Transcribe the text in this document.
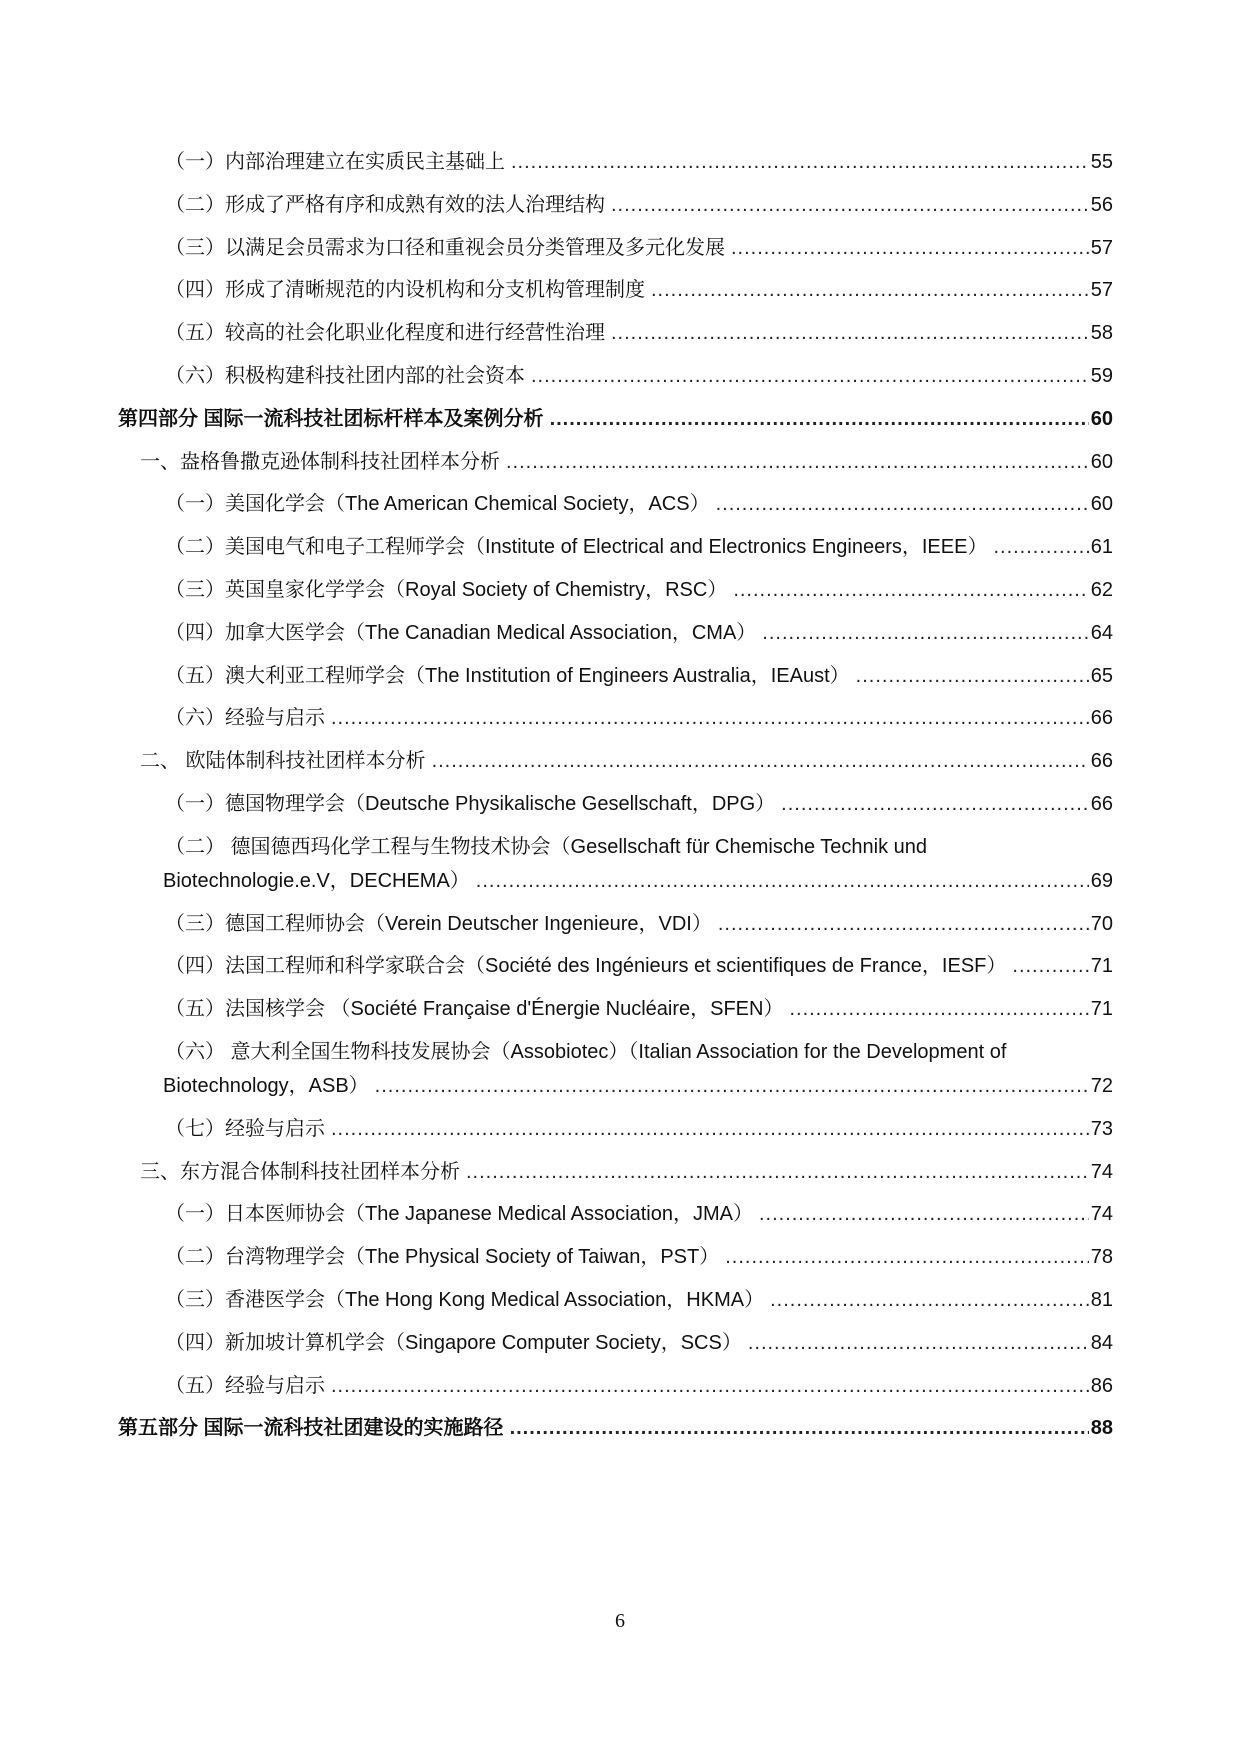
（一）内部治理建立在实质民主基础上 .....	55
（二）形成了严格有序和成熟有效的法人治理结构 .....	56
（三）以满足会员需求为口径和重视会员分类管理及多元化发展 .....	57
（四）形成了清晰规范的内设机构和分支机构管理制度 .....	57
（五）较高的社会化职业化程度和进行经营性治理 .....	58
（六）积极构建科技社团内部的社会资本 .....	59
第四部分 国际一流科技社团标杆样本及案例分析 .....	60
一、盎格鲁撒克逊体制科技社团样本分析 .....	60
（一）美国化学会（The American Chemical Society，ACS） .....	60
（二）美国电气和电子工程师学会（Institute of Electrical and Electronics Engineers，IEEE） .....	61
（三）英国皇家化学学会（Royal Society of Chemistry，RSC） .....	62
（四）加拿大医学会（The Canadian Medical Association，CMA） .....	64
（五）澳大利亚工程师学会（The Institution of Engineers Australia，IEAust） .....	65
（六）经验与启示 .....	66
二、 欧陆体制科技社团样本分析 .....	66
（一）德国物理学会（Deutsche Physikalische Gesellschaft，DPG） .....	66
（二） 德国德西玛化学工程与生物技术协会（Gesellschaft für Chemische Technik und
Biotechnologie.e.V，DECHEMA） .....	69
（三）德国工程师协会（Verein Deutscher Ingenieure，VDI） .....	70
（四）法国工程师和科学家联合会（Société des Ingénieurs et scientifiques de France，IESF） .....	71
（五）法国核学会 （Société Française d'Énergie Nucléaire，SFEN） .....	71
（六） 意大利全国生物科技发展协会（Assobiotec）（Italian Association for the Development of
Biotechnology，ASB） .....	72
（七）经验与启示 .....	73
三、东方混合体制科技社团样本分析 .....	74
（一）日本医师协会（The Japanese Medical Association，JMA） .....	74
（二）台湾物理学会（The Physical Society of Taiwan，PST） .....	78
（三）香港医学会（The Hong Kong Medical Association，HKMA） .....	81
（四）新加坡计算机学会（Singapore Computer Society，SCS） .....	84
（五）经验与启示 .....	86
第五部分 国际一流科技社团建设的实施路径 .....	88
6
